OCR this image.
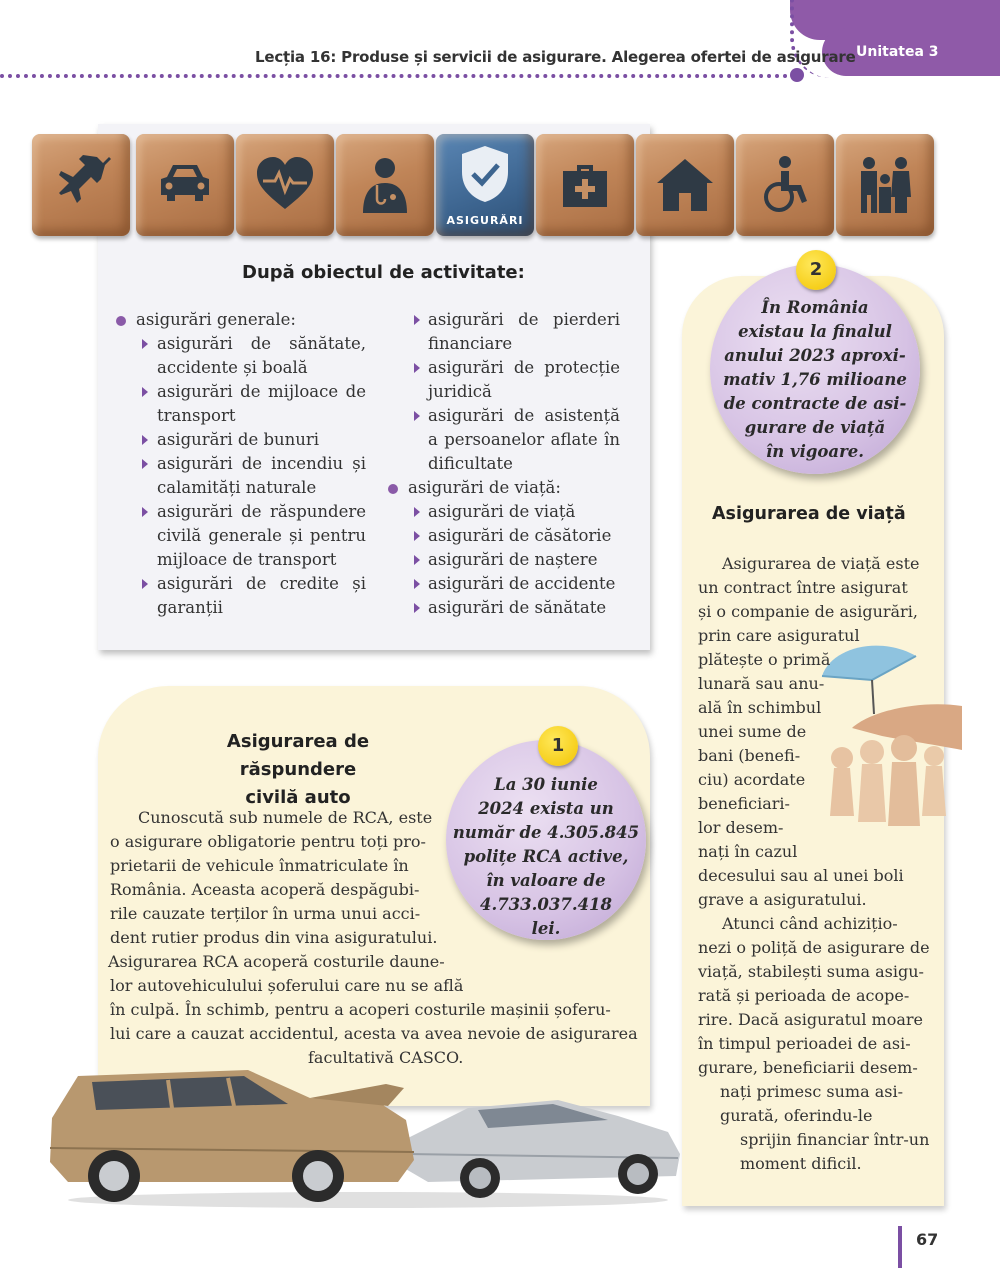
Unitatea 3
Lecția 16: Produse și servicii de asigurare. Alegerea ofertei de asigurare
ASIGURĂRI
După obiectul de activitate:
asigurări generale:
asigurări de sănătate, accidente și boală
asigurări de mijloace de transport
asigurări de bunuri
asigurări de incendiu și calamități naturale
asigurări de răspundere civilă generale și pentru mijloace de transport
asigurări de credite și garanții
asigurări de pierderi financiare
asigurări de protecție juridică
asigurări de asistență a persoanelor aflate în dificultate
asigurări de viață:
asigurări de viață
asigurări de căsătorie
asigurări de naștere
asigurări de accidente
asigurări de sănătate
Asigurarea de răspundere
civilă auto
Cunoscută sub numele de RCA, este
o asigurare obligatorie pentru toți pro-
prietarii de vehicule înmatriculate în
România. Aceasta acoperă despăgubi-
rile cauzate terților în urma unui acci-
dent rutier produs din vina asiguratului.
Asigurarea RCA acoperă costurile daune-
lor autovehiculului șoferului care nu se află
în culpă. În schimb, pentru a acoperi costurile mașinii șoferu-
lui care a cauzat accidentul, acesta va avea nevoie de asigurarea
facultativă CASCO.
1
La 30 iunie
2024 exista un
număr de 4.305.845
polițe RCA active,
în valoare de
4.733.037.418
lei.
2
În România
existau la finalul
anului 2023 aproxi-
mativ 1,76 milioane
de contracte de asi-
gurare de viață
în vigoare.
Asigurarea de viață
Asigurarea de viață este
un contract între asigurat
și o companie de asigurări,
prin care asiguratul
plătește o primă
lunară sau anu-
ală în schimbul
unei sume de
bani (benefi-
ciu) acordate
beneficiari-
lor desem-
nați în cazul
decesului sau al unei boli
grave a asiguratului.
Atunci când achizițio-
nezi o poliță de asigurare de
viață, stabilești suma asigu-
rată și perioada de acope-
rire. Dacă asiguratul moare
în timpul perioadei de asi-
gurare, beneficiarii desem-
nați primesc suma asi-
gurată, oferindu-le
sprijin financiar într-un
moment dificil.
67
